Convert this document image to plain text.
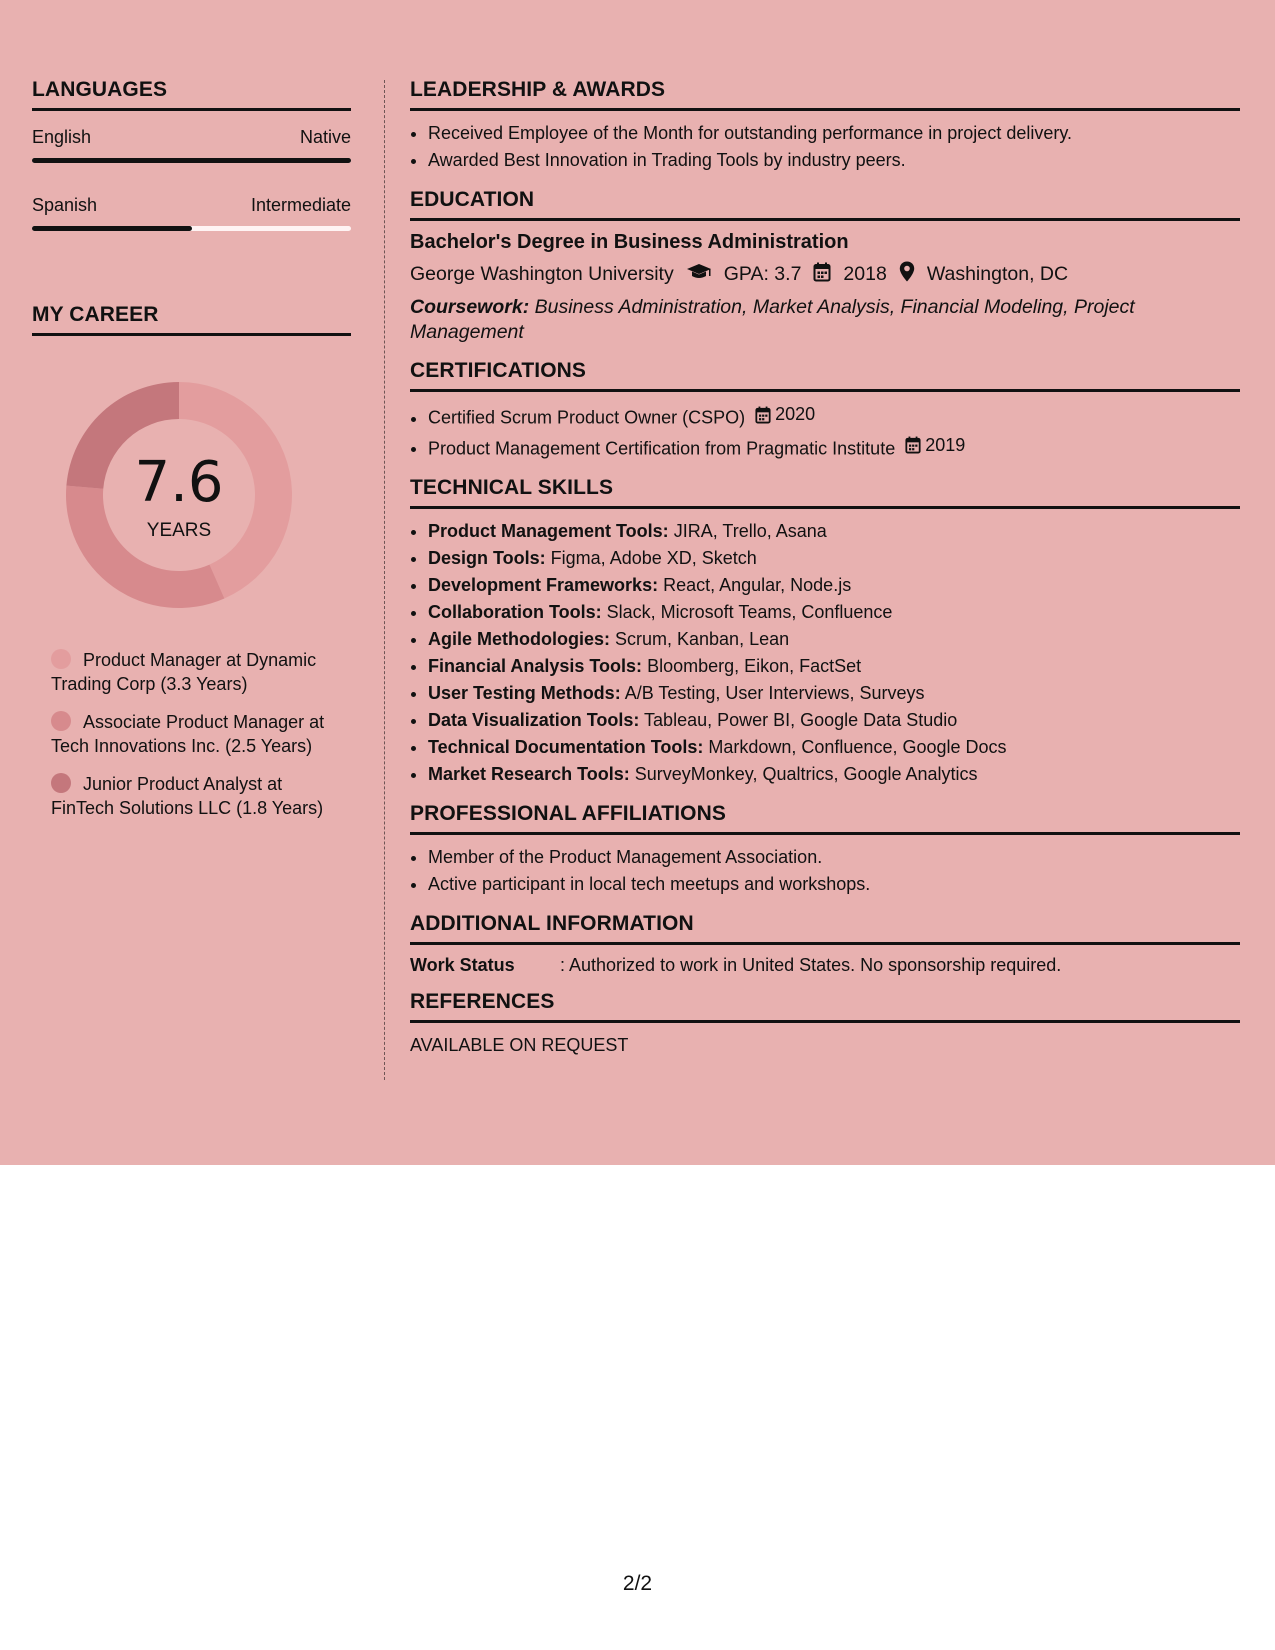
LANGUAGES
English	Native
Spanish	Intermediate
MY CAREER
7.6
YEARS
Product Manager at Dynamic Trading Corp (3.3 Years)
Associate Product Manager at Tech Innovations Inc. (2.5 Years)
Junior Product Analyst at FinTech Solutions LLC (1.8 Years)
LEADERSHIP & AWARDS
• Received Employee of the Month for outstanding performance in project delivery.
• Awarded Best Innovation in Trading Tools by industry peers.
EDUCATION
Bachelor's Degree in Business Administration
George Washington University	GPA: 3.7 2018 Washington, DC
Coursework: Business Administration, Market Analysis, Financial Modeling, Project Management
CERTIFICATIONS
• Certified Scrum Product Owner (CSPO) 2020
• Product Management Certification from Pragmatic Institute 2019
TECHNICAL SKILLS
• Product Management Tools: JIRA, Trello, Asana
• Design Tools: Figma, Adobe XD, Sketch
• Development Frameworks: React, Angular, Node.js
• Collaboration Tools: Slack, Microsoft Teams, Confluence
• Agile Methodologies: Scrum, Kanban, Lean
• Financial Analysis Tools: Bloomberg, Eikon, FactSet
• User Testing Methods: A/B Testing, User Interviews, Surveys
• Data Visualization Tools: Tableau, Power BI, Google Data Studio
• Technical Documentation Tools: Markdown, Confluence, Google Docs
• Market Research Tools: SurveyMonkey, Qualtrics, Google Analytics
PROFESSIONAL AFFILIATIONS
• Member of the Product Management Association.
• Active participant in local tech meetups and workshops.
ADDITIONAL INFORMATION
Work Status	: Authorized to work in United States. No sponsorship required.
REFERENCES
AVAILABLE ON REQUEST
2/2
